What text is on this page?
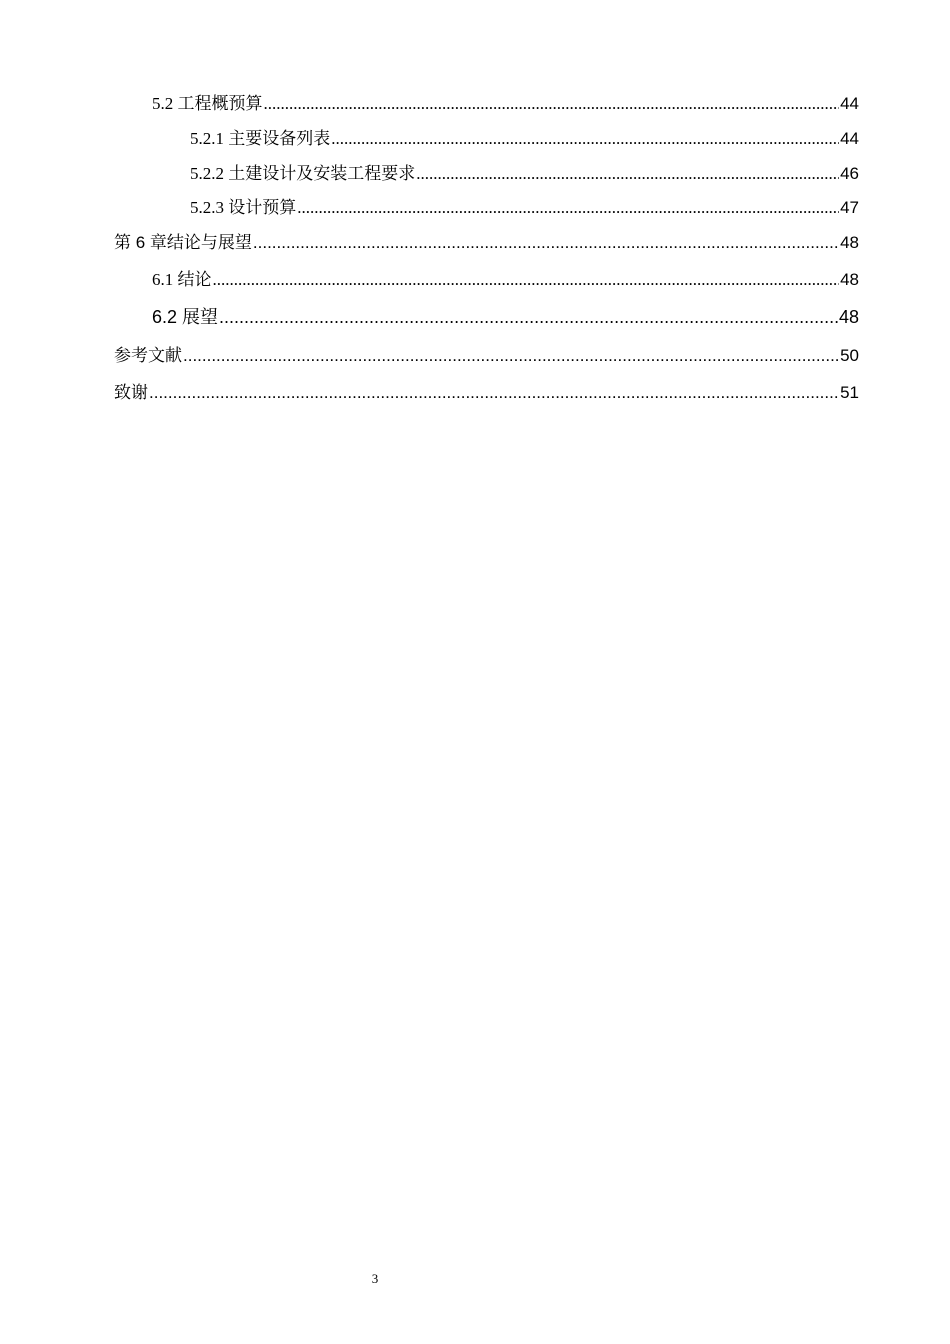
5.2 工程概预算 .....	44
5.2.1 主要设备列表 .....	44
5.2.2 土建设计及安装工程要求 .....	46
5.2.3 设计预算 .....	47
第 6 章结论与展望 .....	48
6.1 结论 .....	48
6.2 展望 .....	48
参考文献 .....	50
致谢 .....	51
3
